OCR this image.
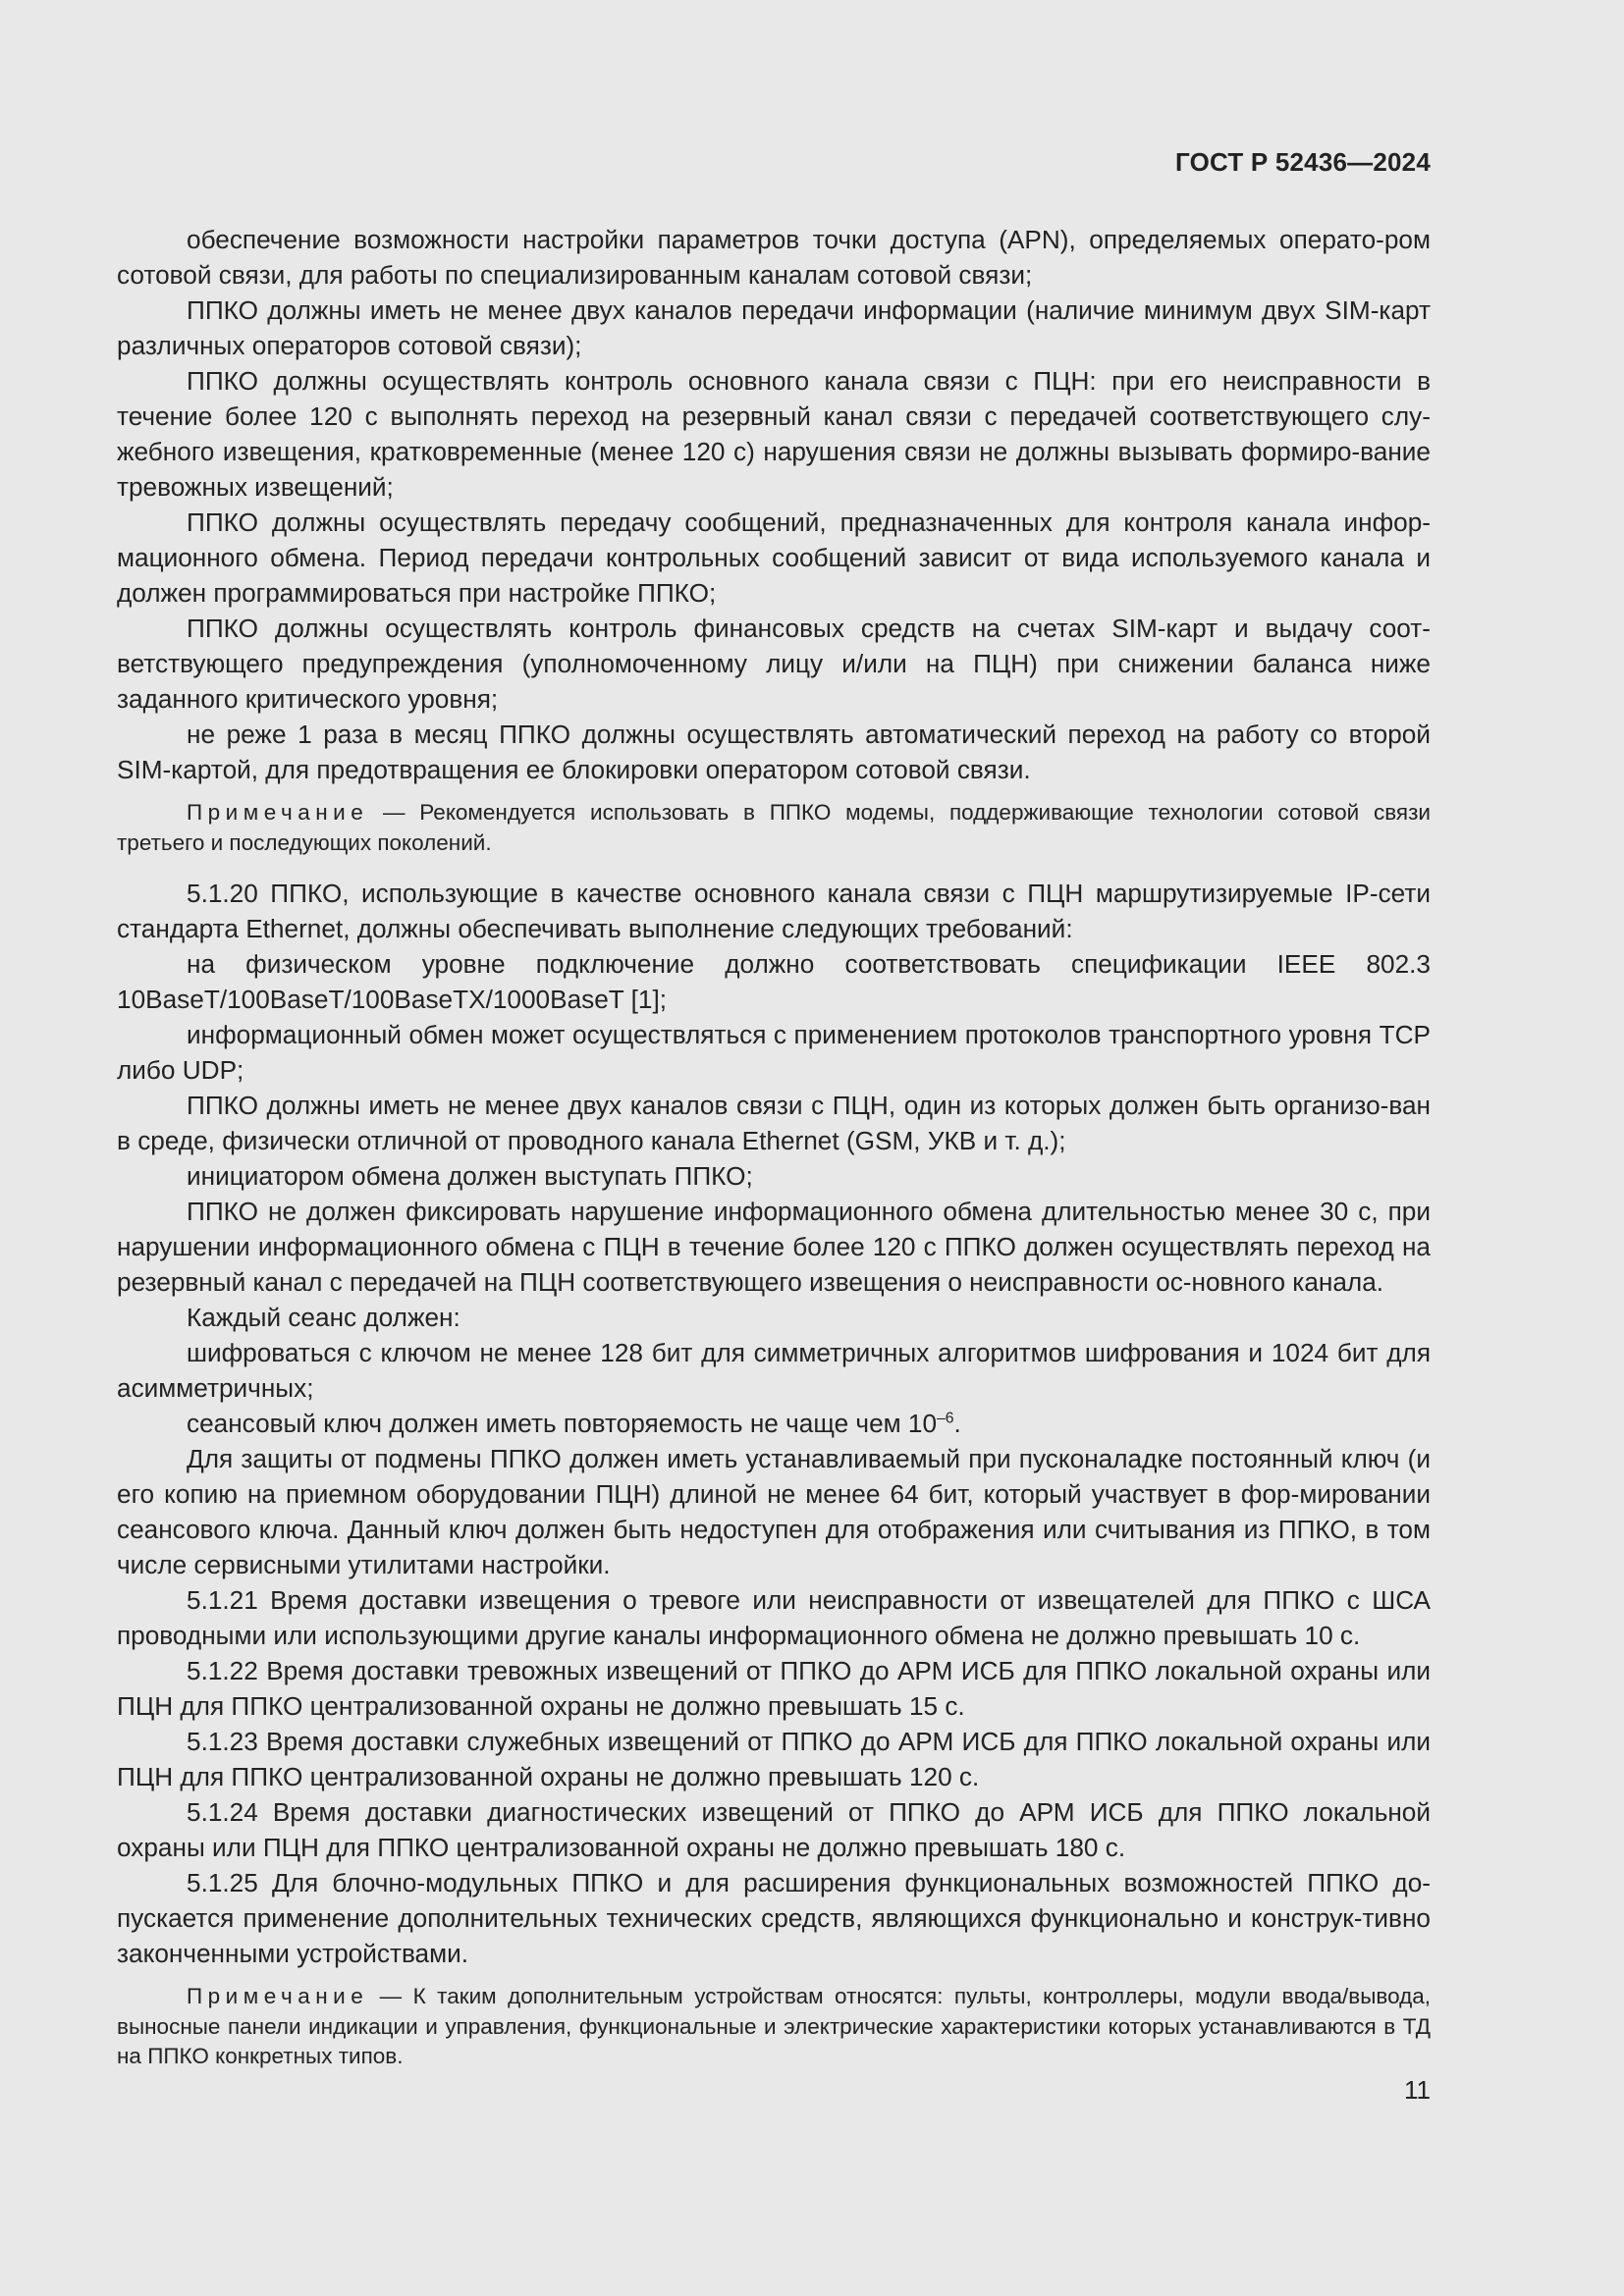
ГОСТ Р 52436—2024

обеспечение возможности настройки параметров точки доступа (APN), определяемых операто-ром сотовой связи, для работы по специализированным каналам сотовой связи;

ППКО должны иметь не менее двух каналов передачи информации (наличие минимум двух SIM-карт различных операторов сотовой связи);

ППКО должны осуществлять контроль основного канала связи с ПЦН: при его неисправности в течение более 120 с выполнять переход на резервный канал связи с передачей соответствующего слу-жебного извещения, кратковременные (менее 120 с) нарушения связи не должны вызывать формиро-вание тревожных извещений;

ППКО должны осуществлять передачу сообщений, предназначенных для контроля канала инфор-мационного обмена. Период передачи контрольных сообщений зависит от вида используемого канала и должен программироваться при настройке ППКО;

ППКО должны осуществлять контроль финансовых средств на счетах SIM-карт и выдачу соот-ветствующего предупреждения (уполномоченному лицу и/или на ПЦН) при снижении баланса ниже заданного критического уровня;

не реже 1 раза в месяц ППКО должны осуществлять автоматический переход на работу со второй SIM-картой, для предотвращения ее блокировки оператором сотовой связи.

Примечание — Рекомендуется использовать в ППКО модемы, поддерживающие технологии сотовой связи третьего и последующих поколений.

5.1.20 ППКО, использующие в качестве основного канала связи с ПЦН маршрутизируемые IP-сети стандарта Ethernet, должны обеспечивать выполнение следующих требований:

на физическом уровне подключение должно соответствовать спецификации IEEE 802.3 10BaseT/100BaseT/100BaseTX/1000BaseT [1];

информационный обмен может осуществляться с применением протоколов транспортного уровня TCP либо UDP;

ППКО должны иметь не менее двух каналов связи с ПЦН, один из которых должен быть организо-ван в среде, физически отличной от проводного канала Ethernet (GSM, УКВ и т. д.);

инициатором обмена должен выступать ППКО;

ППКО не должен фиксировать нарушение информационного обмена длительностью менее 30 с, при нарушении информационного обмена с ПЦН в течение более 120 с ППКО должен осуществлять переход на резервный канал с передачей на ПЦН соответствующего извещения о неисправности ос-новного канала.

Каждый сеанс должен:

шифроваться с ключом не менее 128 бит для симметричных алгоритмов шифрования и 1024 бит для асимметричных;

сеансовый ключ должен иметь повторяемость не чаще чем $10^{-6}$.

Для защиты от подмены ППКО должен иметь устанавливаемый при пусконаладке постоянный ключ (и его копию на приемном оборудовании ПЦН) длиной не менее 64 бит, который участвует в фор-мировании сеансового ключа. Данный ключ должен быть недоступен для отображения или считывания из ППКО, в том числе сервисными утилитами настройки.

5.1.21 Время доставки извещения о тревоге или неисправности от извещателей для ППКО с ШСА проводными или использующими другие каналы информационного обмена не должно превышать 10 с.

5.1.22 Время доставки тревожных извещений от ППКО до АРМ ИСБ для ППКО локальной охраны или ПЦН для ППКО централизованной охраны не должно превышать 15 с.

5.1.23 Время доставки служебных извещений от ППКО до АРМ ИСБ для ППКО локальной охраны или ПЦН для ППКО централизованной охраны не должно превышать 120 с.

5.1.24 Время доставки диагностических извещений от ППКО до АРМ ИСБ для ППКО локальной охраны или ПЦН для ППКО централизованной охраны не должно превышать 180 с.

5.1.25 Для блочно-модульных ППКО и для расширения функциональных возможностей ППКО до-пускается применение дополнительных технических средств, являющихся функционально и конструк-тивно законченными устройствами.

Примечание — К таким дополнительным устройствам относятся: пульты, контроллеры, модули ввода/вывода, выносные панели индикации и управления, функциональные и электрические характеристики которых устанавливаются в ТД на ППКО конкретных типов.

11
